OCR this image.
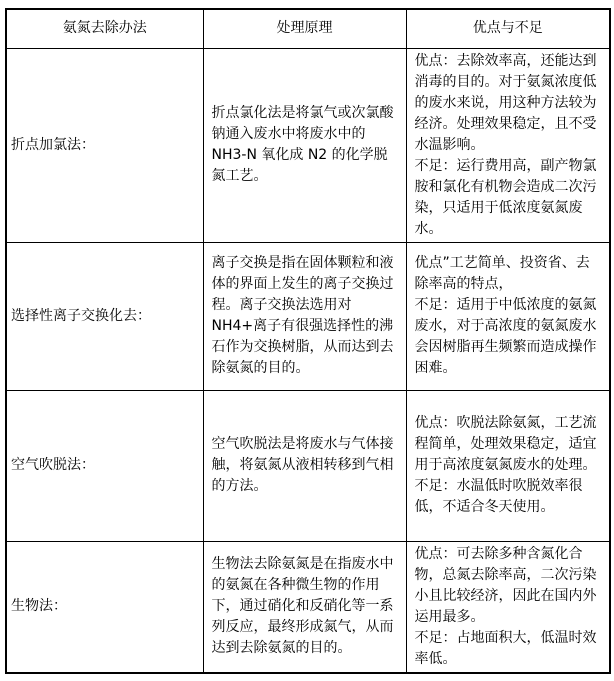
氨氮去除办法	处理原理	优点与不足
折点加氯法：	折点氯化法是将氯气或次氯酸钠通入废水中将废水中的NH3-N 氧化成 N2 的化学脱氮工艺。	优点：去除效率高，还能达到消毒的目的。对于氨氮浓度低的废水来说，用这种方法较为经济。处理效果稳定，且不受水温影响。
不足：运行费用高，副产物氯胺和氯化有机物会造成二次污染，只适用于低浓度氨氮废水。

选择性离子交换化去：	离子交换是指在固体颗粒和液体的界面上发生的离子交换过程。离子交换法选用对 NH4+离子有很强选择性的沸石作为交换树脂，从而达到去除氨氮的目的。	优点”工艺简单、投资省、去除率高的特点，
不足：适用于中低浓度的氨氮废水，对于高浓度的氨氮废水会因树脂再生频繁而造成操作困难。

空气吹脱法：	空气吹脱法是将废水与气体接触，将氨氮从液相转移到气相的方法。	优点：吹脱法除氨氮，工艺流程简单，处理效果稳定，适宜用于高浓度氨氮废水的处理。
不足：水温低时吹脱效率很低，不适合冬天使用。

生物法：	生物法去除氨氮是在指废水中的氨氮在各种微生物的作用下，通过硝化和反硝化等一系列反应，最终形成氮气，从而达到去除氨氮的目的。	优点：可去除多种含氮化合物，总氮去除率高，二次污染小且比较经济，因此在国内外运用最多。
不足：占地面积大，低温时效率低。
